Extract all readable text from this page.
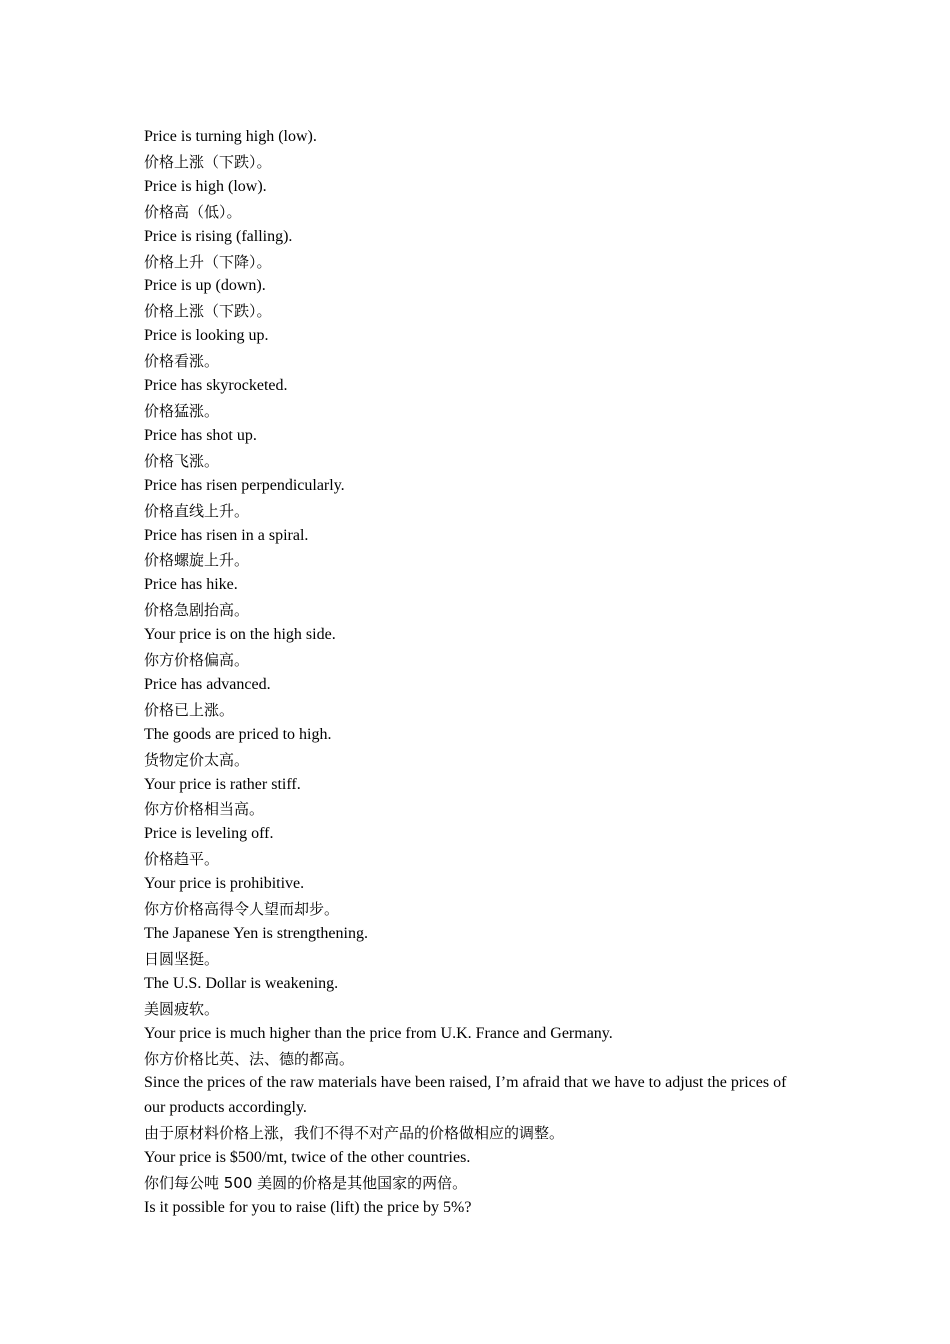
Price is turning high (low).

价格上涨（下跌）。

Price is high (low).

价格高（低）。

Price is rising (falling).

价格上升（下降）。

Price is up (down).

价格上涨（下跌）。

Price is looking up.

价格看涨。

Price has skyrocketed.

价格猛涨。

Price has shot up.

价格飞涨。

Price has risen perpendicularly.

价格直线上升。

Price has risen in a spiral.

价格螺旋上升。

Price has hike.

价格急剧抬高。

Your price is on the high side.

你方价格偏高。

Price has advanced.

价格已上涨。

The goods are priced to high.

货物定价太高。

Your price is rather stiff.

你方价格相当高。

Price is leveling off.

价格趋平。

Your price is prohibitive.

你方价格高得令人望而却步。

The Japanese Yen is strengthening.

日圆坚挺。

The U.S. Dollar is weakening.

美圆疲软。

Your price is much higher than the price from U.K. France and Germany.

你方价格比英、法、德的都高。

Since the prices of the raw materials have been raised, I’m afraid that we have to adjust the prices of our products accordingly.

由于原材料价格上涨，我们不得不对产品的价格做相应的调整。

Your price is $500/mt, twice of the other countries.

你们每公吨 500 美圆的价格是其他国家的两倍。

Is it possible for you to raise (lift) the price by 5%?
